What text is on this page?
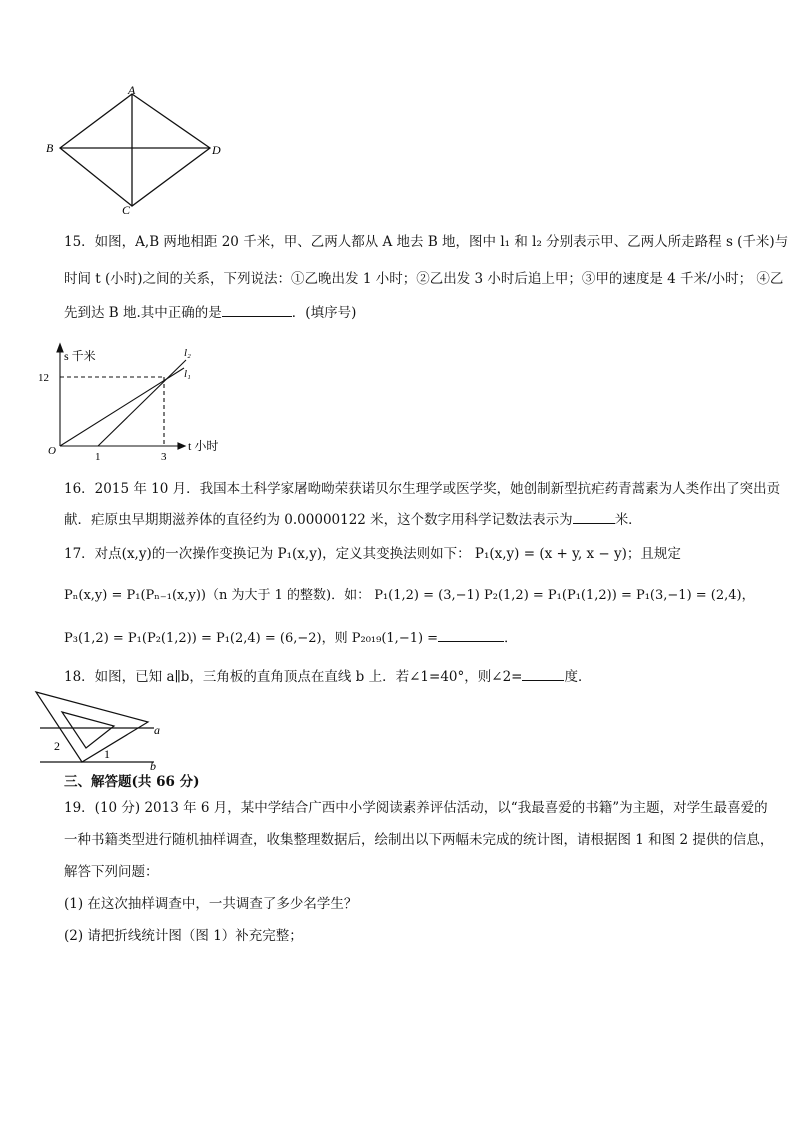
A
B
C
D
15．如图，A,B 两地相距 20 千米，甲、乙两人都从 A 地去 B 地，图中 l₁ 和 l₂ 分别表示甲、乙两人所走路程 s (千米)与
时间 t (小时)之间的关系，下列说法：①乙晚出发 1 小时；②乙出发 3 小时后追上甲；③甲的速度是 4 千米/小时； ④乙
先到达 B 地.其中正确的是	．(填序号)
s 千米
12
O	1	3
t 小时
l₂
l₁
16．2015 年 10 月．我国本土科学家屠呦呦荣获诺贝尔生理学或医学奖，她创制新型抗疟药青蒿素为人类作出了突出贡
献．疟原虫早期期滋养体的直径约为 0.00000122 米，这个数字用科学记数法表示为	米．
17．对点(x,y)的一次操作变换记为 P₁(x,y)，定义其变换法则如下： P₁(x,y) = (x + y, x − y)；且规定
Pₙ(x,y) = P₁(Pₙ₋₁(x,y))（n 为大于 1 的整数)．如： P₁(1,2) = (3,−1) P₂(1,2) = P₁(P₁(1,2)) = P₁(3,−1) = (2,4)，
P₃(1,2) = P₁(P₂(1,2)) = P₁(2,4) = (6,−2)，则 P₂₀₁₉(1,−1) =	．
18．如图，已知 a∥b，三角板的直角顶点在直线 b 上．若∠1=40°，则∠2=	度．
a
b
2
1
三、解答题(共 66 分)
19．(10 分) 2013 年 6 月，某中学结合广西中小学阅读素养评估活动，以“我最喜爱的书籍”为主题，对学生最喜爱的
一种书籍类型进行随机抽样调查，收集整理数据后，绘制出以下两幅未完成的统计图，请根据图 1 和图 2 提供的信息，
解答下列问题：
(1) 在这次抽样调查中，一共调查了多少名学生？
(2) 请把折线统计图（图 1）补充完整；
